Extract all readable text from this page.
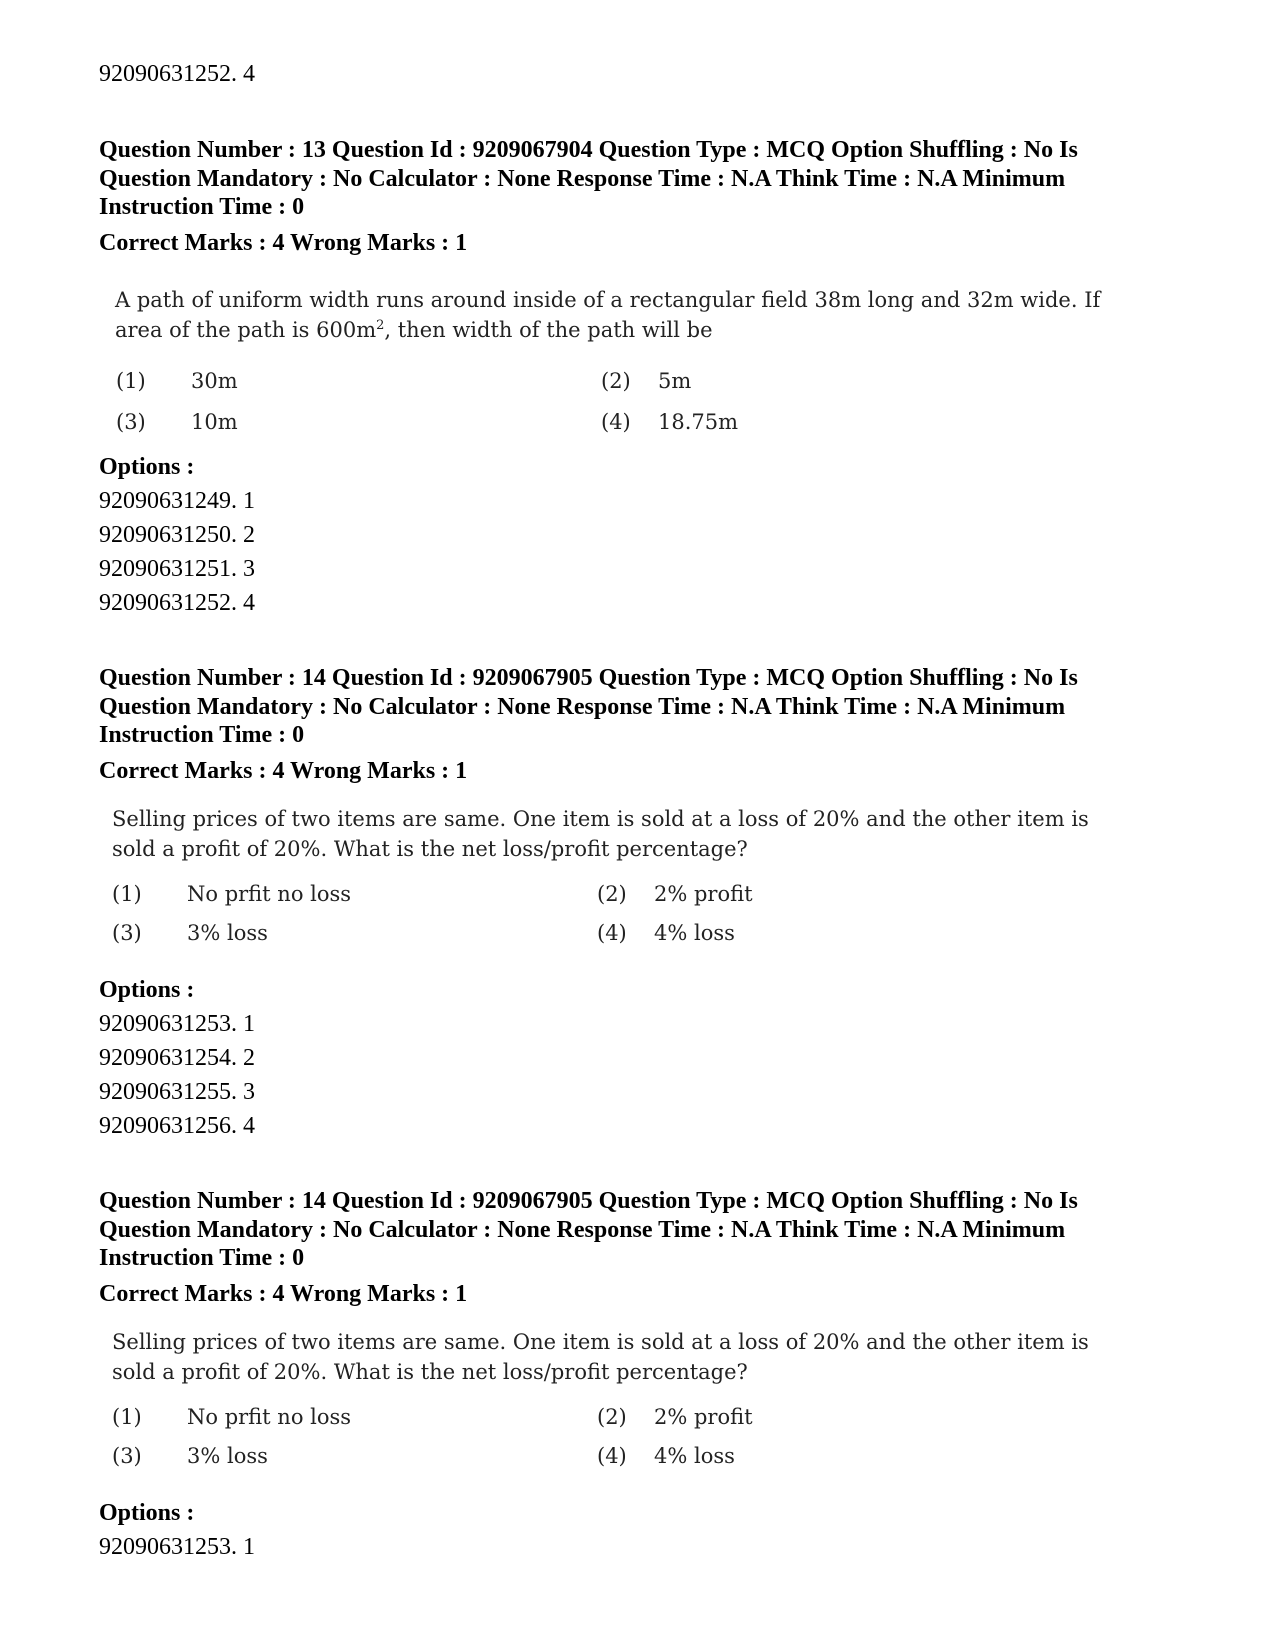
92090631252. 4
Question Number : 13 Question Id : 9209067904 Question Type : MCQ Option Shuffling : No Is Question Mandatory : No Calculator : None Response Time : N.A Think Time : N.A Minimum Instruction Time : 0
Correct Marks : 4 Wrong Marks : 1
A path of uniform width runs around inside of a rectangular field 38m long and 32m wide. If area of the path is $600m^2$, then width of the path will be
(1) 30m	(2) 5m
(3) 10m	(4) 18.75m
Options :
92090631249. 1
92090631250. 2
92090631251. 3
92090631252. 4
Question Number : 14 Question Id : 9209067905 Question Type : MCQ Option Shuffling : No Is Question Mandatory : No Calculator : None Response Time : N.A Think Time : N.A Minimum Instruction Time : 0
Correct Marks : 4 Wrong Marks : 1
Selling prices of two items are same. One item is sold at a loss of 20% and the other item is sold a profit of 20%. What is the net loss/profit percentage?
(1) No prfit no loss	(2) 2% profit
(3) 3% loss	(4) 4% loss
Options :
92090631253. 1
92090631254. 2
92090631255. 3
92090631256. 4
Question Number : 14 Question Id : 9209067905 Question Type : MCQ Option Shuffling : No Is Question Mandatory : No Calculator : None Response Time : N.A Think Time : N.A Minimum Instruction Time : 0
Correct Marks : 4 Wrong Marks : 1
Selling prices of two items are same. One item is sold at a loss of 20% and the other item is sold a profit of 20%. What is the net loss/profit percentage?
(1) No prfit no loss	(2) 2% profit
(3) 3% loss	(4) 4% loss
Options :
92090631253. 1
